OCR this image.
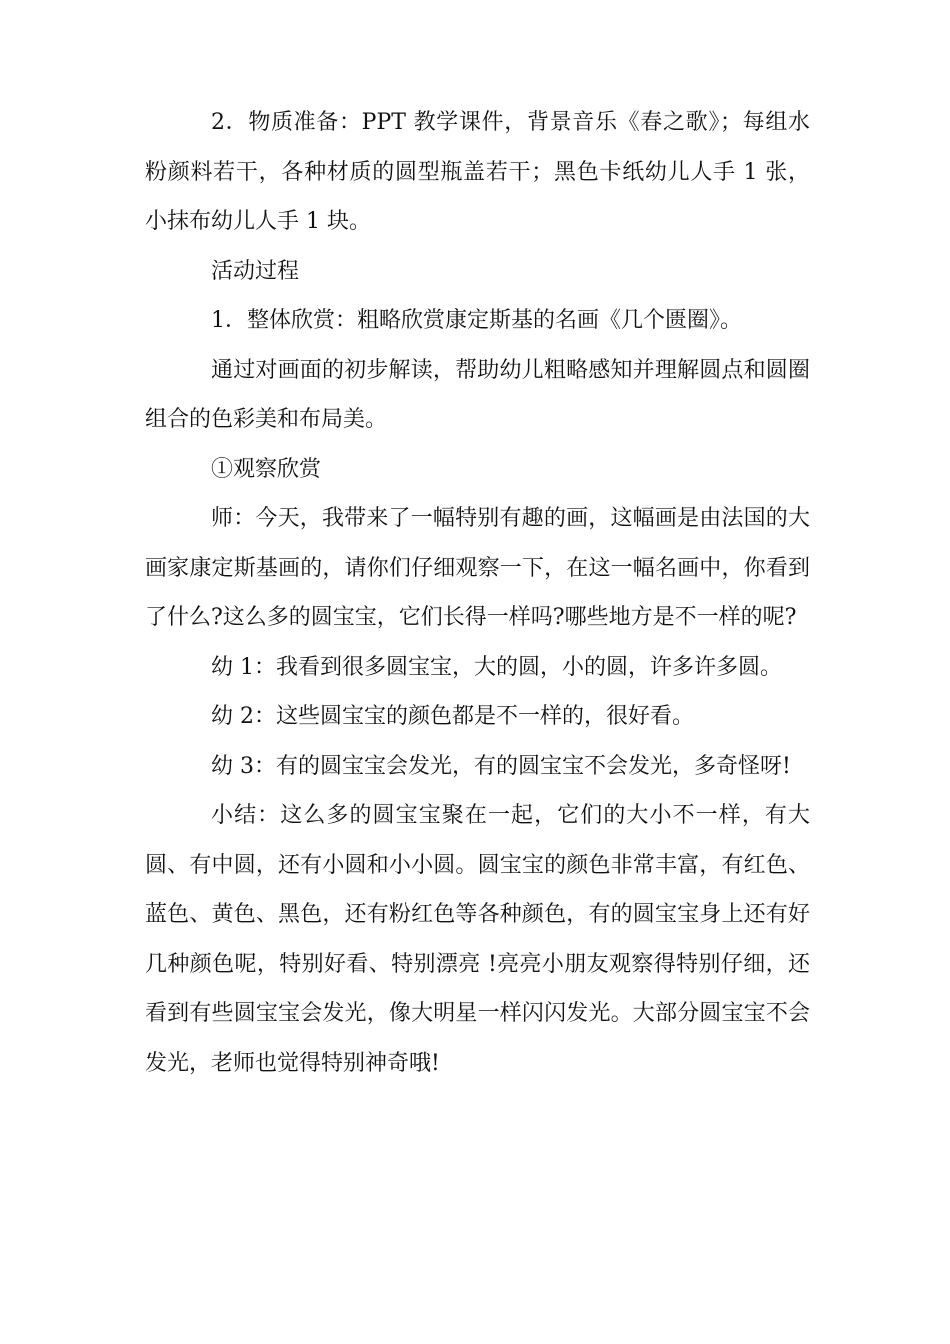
2．物质准备：PPT 教学课件，背景音乐《春之歌》；每组水粉颜料若干，各种材质的圆型瓶盖若干；黑色卡纸幼儿人手 1 张，小抹布幼儿人手 1 块。

活动过程

1．整体欣赏：粗略欣赏康定斯基的名画《几个匮圈》。

通过对画面的初步解读，帮助幼儿粗略感知并理解圆点和圆圈组合的色彩美和布局美。

①观察欣赏

师：今天，我带来了一幅特别有趣的画，这幅画是由法国的大画家康定斯基画的，请你们仔细观察一下，在这一幅名画中，你看到了什么?这么多的圆宝宝，它们长得一样吗?哪些地方是不一样的呢?

幼 1：我看到很多圆宝宝，大的圆，小的圆，许多许多圆。

幼 2：这些圆宝宝的颜色都是不一样的，很好看。

幼 3：有的圆宝宝会发光，有的圆宝宝不会发光，多奇怪呀!

小结：这么多的圆宝宝聚在一起，它们的大小不一样，有大圆、有中圆，还有小圆和小小圆。圆宝宝的颜色非常丰富，有红色、蓝色、黄色、黑色，还有粉红色等各种颜色，有的圆宝宝身上还有好几种颜色呢，特别好看、特别漂亮 !亮亮小朋友观察得特别仔细，还看到有些圆宝宝会发光，像大明星一样闪闪发光。大部分圆宝宝不会发光，老师也觉得特别神奇哦!
